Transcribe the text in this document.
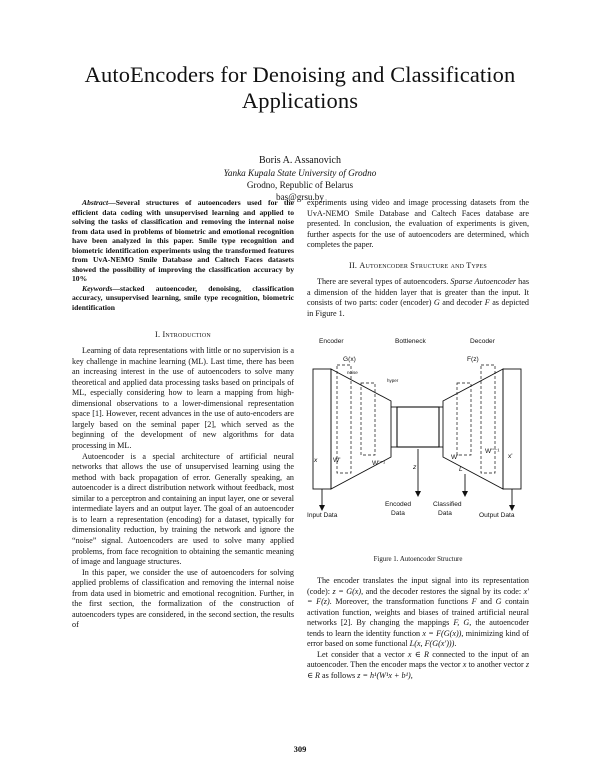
AutoEncoders for Denoising and Classification Applications
Boris A. Assanovich
Yanka Kupala State University of Grodno
Grodno, Republic of Belarus
bas@grsu.by

Abstract—Several structures of autoencoders used for the efficient data coding with unsupervised learning and applied to solving the tasks of classification and removing the internal noise from data used in problems of biometric and emotional recognition have been analyzed in this paper. Smile type recognition and biometric identification experiments using the transformed features from UvA-NEMO Smile Database and Caltech Faces datasets showed the possibility of improving the classification accuracy by 10%

Keywords—stacked autoencoder, denoising, classification accuracy, unsupervised learning, smile type recognition, biometric identification

I. Introduction

Learning of data representations with little or no supervision is a key challenge in machine learning (ML). Last time, there has been an increasing interest in the use of autoencoders to solve many theoretical and applied data processing tasks based on principals of ML, especially considering how to learn a mapping from high-dimensional observations to a lower-dimensional representation space [1]. However, recent advances in the use of auto-encoders are largely based on the seminal paper [2], which served as the beginning of the development of new algorithms for data processing in ML.

Autoencoder is a special architecture of artificial neural networks that allows the use of unsupervised learning using the method with back propagation of error. Generally speaking, an autoencoder is a direct distribution network without feedback, most similar to a perceptron and containing an input layer, one or several intermediate layers and an output layer. The goal of an autoencoder is to learn a representation (encoding) for a dataset, typically for dimensionality reduction, by training the network and ignore the “noise” signal. Autoencoders are used to solve many applied problems, from face recognition to obtaining the semantic meaning of image and language structures.

In this paper, we consider the use of autoencoders for solving applied problems of classification and removing the internal noise from data used in biometric and emotional recognition. Further, in the first section, the formalization of the construction of autoencoders types are considered, in the second section, the results of

experiments using video and image processing datasets from the UvA-NEMO Smile Database and Caltech Faces database are presented. In conclusion, the evaluation of experiments is given, further aspects for the use of autoencoders are determined, which completes the paper.

II. Autoencoder Structure and Types

There are several types of autoencoders. Sparse Autoencoder has a dimension of the hidden layer that is greater than the input. It consists of two parts: coder (encoder) G and decoder F as depicted in Figure 1.

Encoder	Bottleneck	Decoder
G(x)	F(z)
noise
hyper
x W'	W'⁻¹
z
W'
L
W''⁻¹
x'
Input Data
Encoded
Data
Classified
Data	Output Data
Figure 1. Autoencoder Structure

The encoder translates the input signal into its representation (code): z = G(x), and the decoder restores the signal by its code: x′ = F(z). Moreover, the transformation functions F and G contain activation function, weights and biases of trained artificial neural networks [2]. By changing the mappings F, G, the autoencoder tends to learn the identity function x = F(G(x)), minimizing kind of error based on some functional L(x, F(G(x′))).

Let consider that a vector x ∈ R connected to the input of an autoencoder. Then the encoder maps the vector x to another vector z ∈ R as follows z = h¹(W¹x + b¹),

309
